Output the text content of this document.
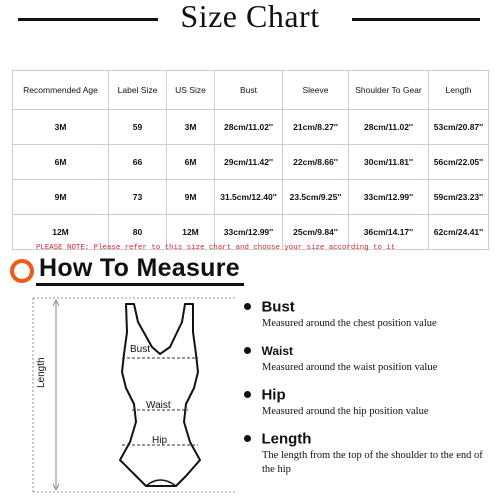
Size Chart
Recommended Age	Label Size	US Size	Bust	Sleeve	Shoulder To Gear	Length
3M	59	3M	28cm/11.02''	21cm/8.27''	28cm/11.02''	53cm/20.87''
6M	66	6M	29cm/11.42''	22cm/8.66''	30cm/11.81''	56cm/22.05''
9M	73	9M	31.5cm/12.40''	23.5cm/9.25''	33cm/12.99''	59cm/23.23''
12M	80	12M	33cm/12.99''	25cm/9.84''	36cm/14.17''	62cm/24.41''
PLEASE NOTE: Please refer to this size chart and choose your size according to it
How To Measure
Length
Bust
Waist
Hip
Bust
Measured around the chest position value
Waist
Measured around the waist position value
Hip
Measured around the hip position value
Length
The length from the top of the shoulder to the end of the hip
